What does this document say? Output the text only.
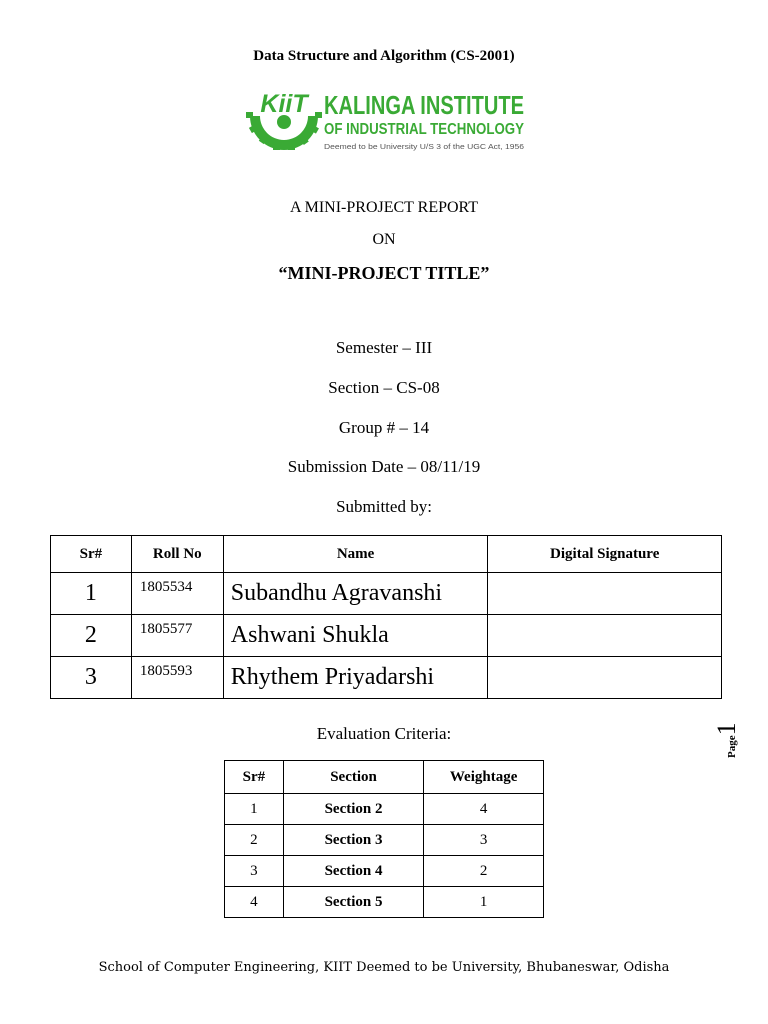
Data Structure and Algorithm (CS-2001)
KiiT KALINGA INSTITUTE
OF INDUSTRIAL TECHNOLOGY
Deemed to be University U/S 3 of the UGC Act, 1956
A MINI-PROJECT REPORT
ON
“MINI-PROJECT TITLE”
Semester – III
Section – CS-08
Group # – 14
Submission Date – 08/11/19
Submitted by:
Sr#	Roll No	Name	Digital Signature
1	1805534	Subandhu Agravanshi	
2	1805577	Ashwani Shukla	
3	1805593	Rhythem Priyadarshi	
Evaluation Criteria:
Sr#	Section	Weightage
1	Section 2	4
2	Section 3	3
3	Section 4	2
4	Section 5	1
Page1
School of Computer Engineering, KIIT Deemed to be University, Bhubaneswar, Odisha
